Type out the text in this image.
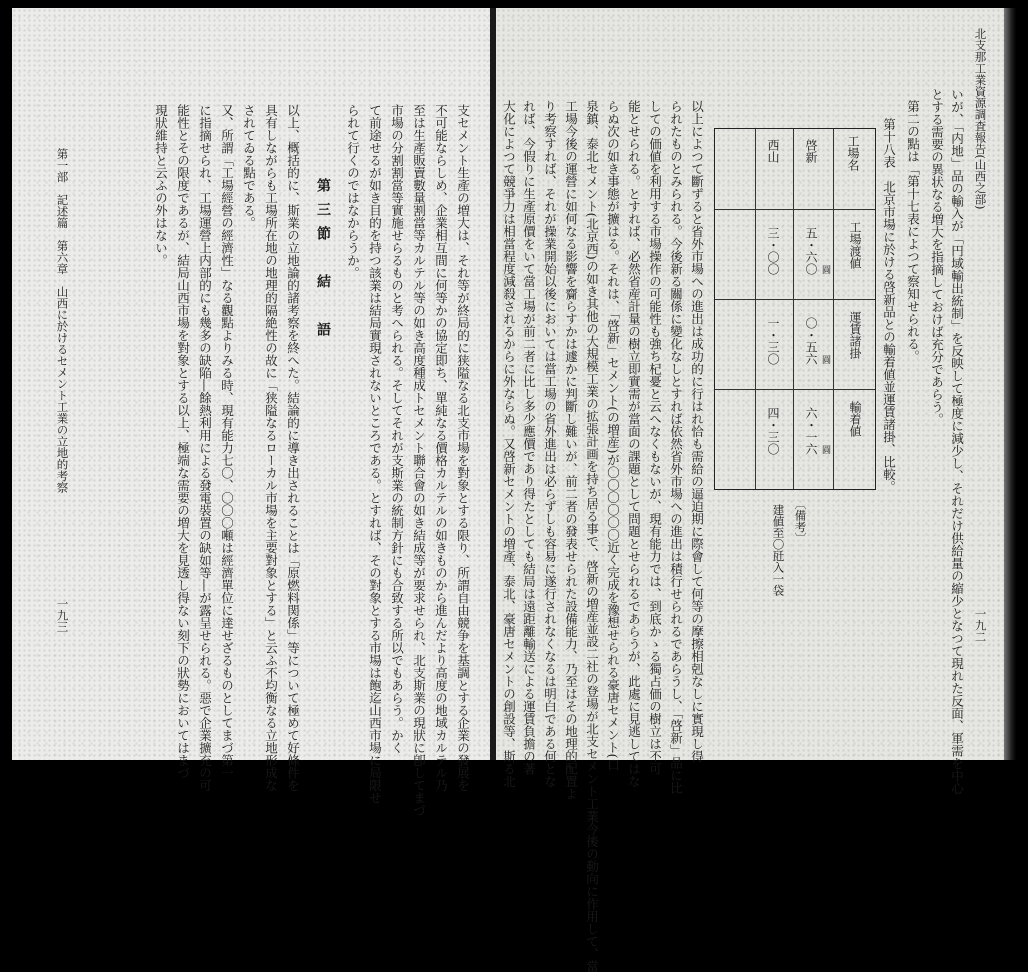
支セメント生產の増大は、それ等が終局的に狭隘なる北支市場を對象とする限り、所謂自由競争を基調とする企業の發展を
不可能ならしめ、企業相互間に何等かの協定即ち、單純なる價格カルテルの如きものから進んだより高度の地域カルテル乃
至は生產販賣數量割當等カルテル等の如き高度種成トセメント聯合會の如き結成等が要求せられ、北支斯業の現狀に卽してまづ
市場の分割割當等實施せらるものと考へられる。そしてそれが支斯業の統制方針にも合致する所以でもあらう。かく
て前途せるが如き目的を持つ該業は結局實現されないところである。とすれば、その對象とする市場は飽迄山西市場に局限せ
られて行くのではなからうか。
第三節　結　語
以上、概括的に、斯業の立地論的諸考察を終へた。結論的に導き出されることは「原燃料関係」等について極めて好條件を
具有しながらも工場所在地の地理的隔絶性の故に「狭隘なるローカル市場を主要對象とする」と云ふ不均衡なる立地形成な
されてゐる點である。
又、所謂「工場經營の經濟性」なる觀點よりみる時、現有能力七〇、〇〇〇噸は經濟單位に達せざるものとしてまづ第一
に指摘せられ、工場運營上内部的にも幾多の缺陥―餘熱利用による發電裝置の缺如等―が露呈せられる。惡で企業擴充の可
能性とその限度であるが、結局山西市場を對象とする以上、極端な需要の増大を見透し得ない刻下の狀勢においてはまづ
現狀維持と云ふの外はない。
第一部　記述篇　第六章　山西に於けるセメント工業の立地的考察
一九三
北支那工業資源調査報告(山西之部)
一九二
いが、「内地」品の輸入が「円域輸出統制」を反映して極度に減少し、それだけ供給量の縮少となつて現れた反面、軍需を中心
とする需要の異状なる増大を指摘しておけば充分であらう。
第二の點は「第十七表によつて察知せられる。
第十八表　北京市場に於ける啓新品との輸着値並運賃諸掛、比較。
工場名
工場渡値
運賃諸掛
輸着値
啓新
五・六〇
〇・五六
六・一六
圓
圓
圓
西山
三・〇〇
一・三〇
四・三〇
〔備考〕
建値至〇瓩入一袋
以上によつて斷ずると省外市場への進出は成功的に行はれ恰も需給の逼迫期に際會して何等の摩擦相剋なしに實現し得
られたものとみられる。今後新る關係に變化なしとすれば依然省外市場への進出は積行せられるであらうし、「啓新」品に比
しての価値を利用する市場操作の可能性も強ち杞憂と云へなくもないが、現有能力では、到底かゝる獨占価の樹立は不可
能とせられる。とすれば、必然省産計量の樹立即實需が當面の課題として問題とせられるであらうが、此處に見逃してはな
らぬ次の如き事態が擴はる。それは、「啓新」セメント(の増産)が〇〇〇〇〇〇近く完成を豫想せられる豪唐セメント(口
泉鎮、泰北セメント(北京西)の如き其他の大規模工業の拡張計画を持ち居る事で、啓新の増産並設二社の登場が北支セメント工業今後の動向に作用して、當
工場今後の運營に如何なる影響を齎らすかは遽かに判斷し難いが、前二者の發表せられた設備能力、乃至はその地理的配置よ
り考察すれば、それが操業開始以後においては當工場の省外進出は必らずしも容易に遂行されなくなるは明白である何とな
れば、今假りに生產原價をいて當工場が前二者に比し多少應價であり得たとしても結局は遠距離輸送による運賃負擔の著
大化によつて競爭力は相當程度減殺されるからに外ならぬ。又啓新セメントの増產、泰北、豪唐セメントの創設等、斯る北
